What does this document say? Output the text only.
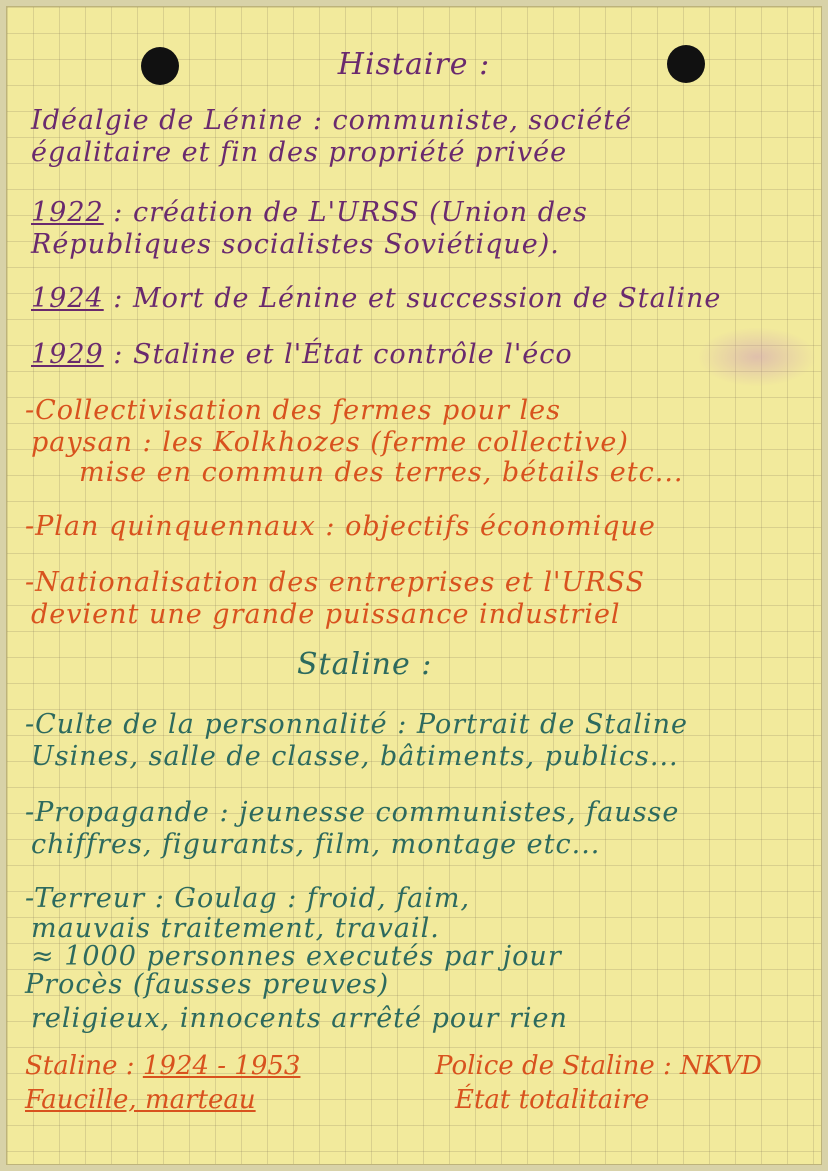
Histaire :
Idéalgie de Lénine : communiste, société
égalitaire et fin des propriété privée
1922 : création de L'URSS (Union des
Républiques socialistes Soviétique).
1924 : Mort de Lénine et succession de Staline
1929 : Staline et l'État contrôle l'éco
-Collectivisation des fermes pour les
paysan : les Kolkhozes (ferme collective)
mise en commun des terres, bétails etc...
-Plan quinquennaux : objectifs économique
-Nationalisation des entreprises et l'URSS
devient une grande puissance industriel
Staline :
-Culte de la personnalité : Portrait de Staline
Usines, salle de classe, bâtiments, publics...
-Propagande : jeunesse communistes, fausse
chiffres, figurants, film, montage etc...
-Terreur : Goulag : froid, faim,
mauvais traitement, travail.
≈ 1000 personnes executés par jour
Procès (fausses preuves)
religieux, innocents arrêté pour rien
Staline : 1924 - 1953	Police de Staline : NKVD
Faucille, marteau	État totalitaire
